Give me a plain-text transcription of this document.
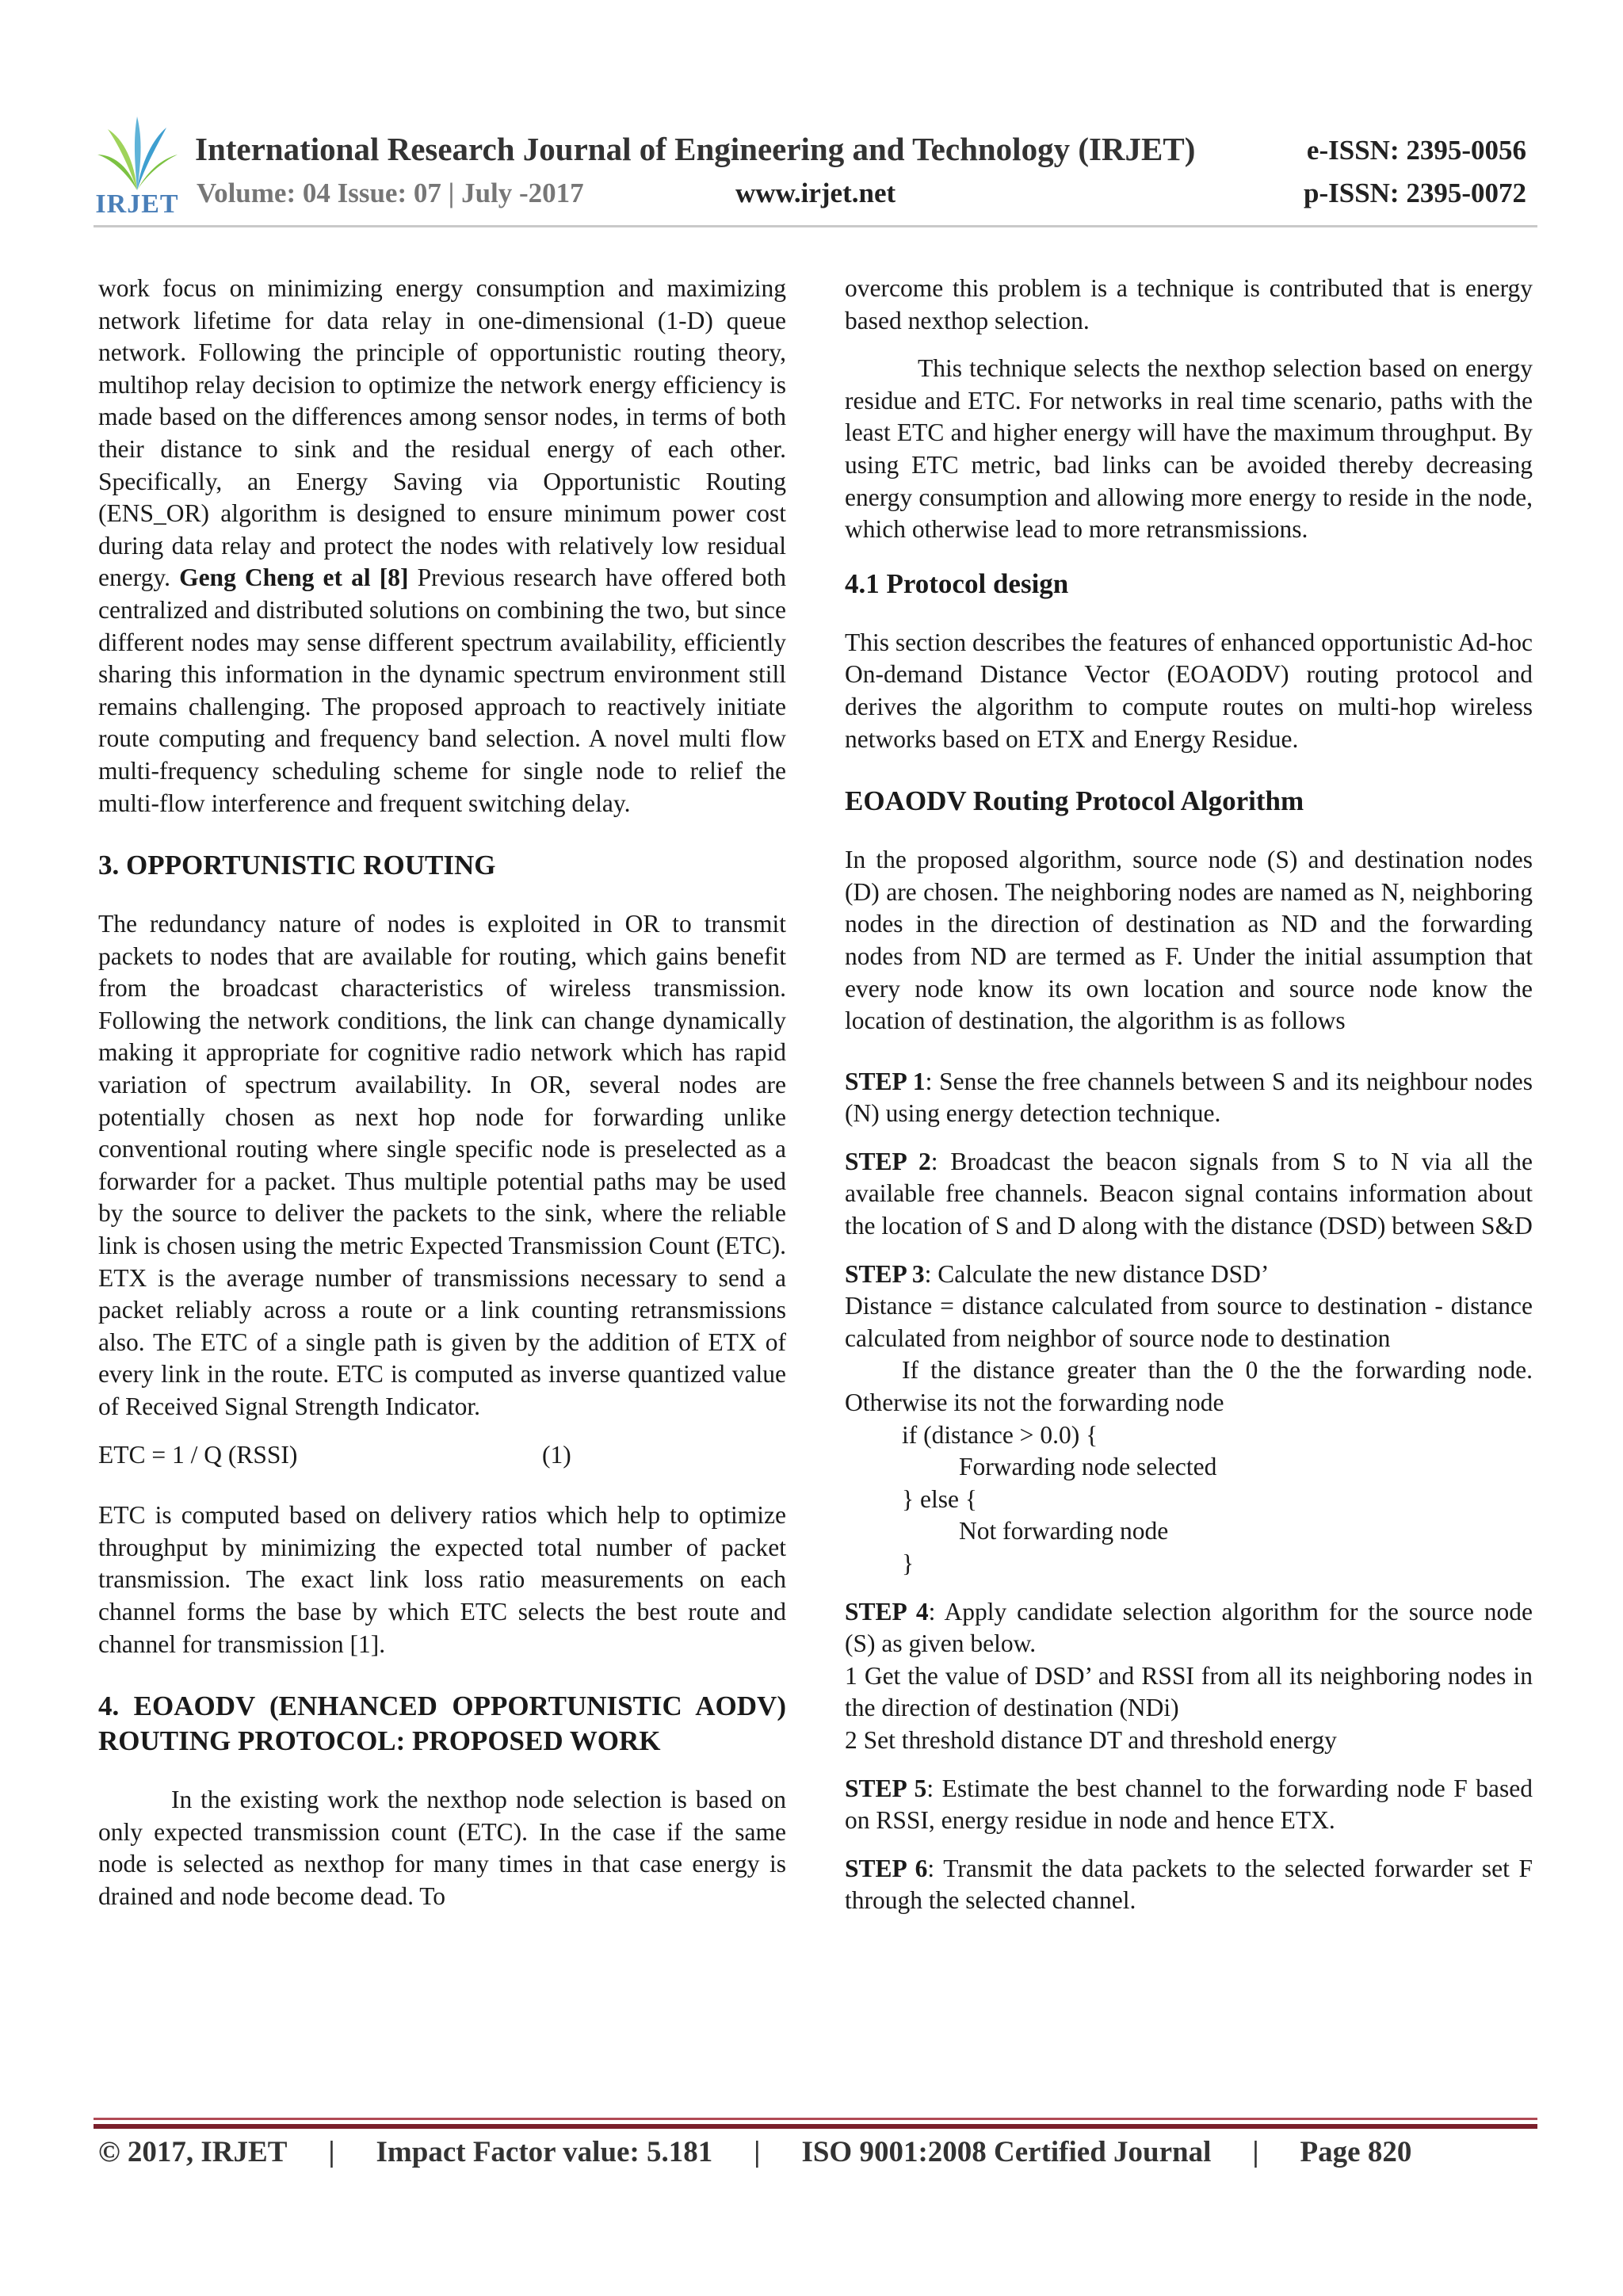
IRJET
International Research Journal of Engineering and Technology (IRJET)	e-ISSN: 2395-0056
Volume: 04 Issue: 07 | July -2017	www.irjet.net	p-ISSN: 2395-0072

work focus on minimizing energy consumption and maximizing network lifetime for data relay in one-dimensional (1-D) queue network. Following the principle of opportunistic routing theory, multihop relay decision to optimize the network energy efficiency is made based on the differences among sensor nodes, in terms of both their distance to sink and the residual energy of each other. Specifically, an Energy Saving via Opportunistic Routing (ENS_OR) algorithm is designed to ensure minimum power cost during data relay and protect the nodes with relatively low residual energy. Geng Cheng et al [8] Previous research have offered both centralized and distributed solutions on combining the two, but since different nodes may sense different spectrum availability, efficiently sharing this information in the dynamic spectrum environment still remains challenging. The proposed approach to reactively initiate route computing and frequency band selection. A novel multi flow multi-frequency scheduling scheme for single node to relief the multi-flow interference and frequent switching delay.

3. OPPORTUNISTIC ROUTING

The redundancy nature of nodes is exploited in OR to transmit packets to nodes that are available for routing, which gains benefit from the broadcast characteristics of wireless transmission. Following the network conditions, the link can change dynamically making it appropriate for cognitive radio network which has rapid variation of spectrum availability. In OR, several nodes are potentially chosen as next hop node for forwarding unlike conventional routing where single specific node is preselected as a forwarder for a packet. Thus multiple potential paths may be used by the source to deliver the packets to the sink, where the reliable link is chosen using the metric Expected Transmission Count (ETC). ETX is the average number of transmissions necessary to send a packet reliably across a route or a link counting retransmissions also. The ETC of a single path is given by the addition of ETX of every link in the route. ETC is computed as inverse quantized value of Received Signal Strength Indicator.

ETC = 1 / Q (RSSI)	(1)

ETC is computed based on delivery ratios which help to optimize throughput by minimizing the expected total number of packet transmission. The exact link loss ratio measurements on each channel forms the base by which ETC selects the best route and channel for transmission [1].

4. EOAODV (ENHANCED OPPORTUNISTIC AODV) ROUTING PROTOCOL: PROPOSED WORK

In the existing work the nexthop node selection is based on only expected transmission count (ETC). In the case if the same node is selected as nexthop for many times in that case energy is drained and node become dead. To

overcome this problem is a technique is contributed that is energy based nexthop selection.

This technique selects the nexthop selection based on energy residue and ETC. For networks in real time scenario, paths with the least ETC and higher energy will have the maximum throughput. By using ETC metric, bad links can be avoided thereby decreasing energy consumption and allowing more energy to reside in the node, which otherwise lead to more retransmissions.

4.1 Protocol design

This section describes the features of enhanced opportunistic Ad-hoc On-demand Distance Vector (EOAODV) routing protocol and derives the algorithm to compute routes on multi-hop wireless networks based on ETX and Energy Residue.

EOAODV Routing Protocol Algorithm

In the proposed algorithm, source node (S) and destination nodes (D) are chosen. The neighboring nodes are named as N, neighboring nodes in the direction of destination as ND and the forwarding nodes from ND are termed as F. Under the initial assumption that every node know its own location and source node know the location of destination, the algorithm is as follows

STEP 1: Sense the free channels between S and its neighbour nodes (N) using energy detection technique.
STEP 2: Broadcast the beacon signals from S to N via all the available free channels. Beacon signal contains information about the location of S and D along with the distance (DSD) between S&D
STEP 3: Calculate the new distance DSD’
Distance = distance calculated from source to destination - distance calculated from neighbor of source node to destination
If the distance greater than the 0 the the forwarding node. Otherwise its not the forwarding node
if (distance > 0.0) {
Forwarding node selected
} else {
Not forwarding node
}
STEP 4: Apply candidate selection algorithm for the source node (S) as given below.
1 Get the value of DSD’ and RSSI from all its neighboring nodes in the direction of destination (NDi)
2 Set threshold distance DT and threshold energy
STEP 5: Estimate the best channel to the forwarding node F based on RSSI, energy residue in node and hence ETX.
STEP 6: Transmit the data packets to the selected forwarder set F through the selected channel.
© 2017, IRJET | Impact Factor value: 5.181 | ISO 9001:2008 Certified Journal | Page 820
